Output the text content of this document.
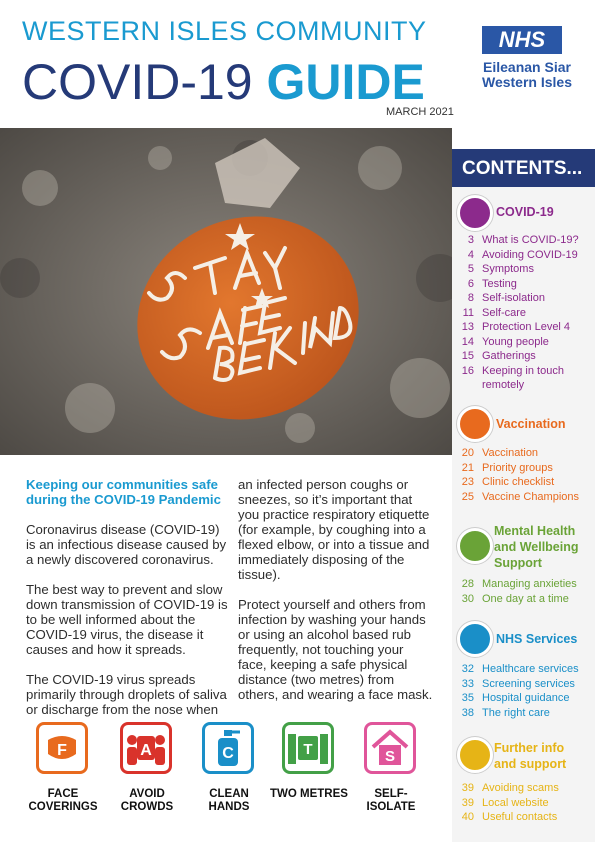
WESTERN ISLES COMMUNITY
COVID-19 GUIDE
MARCH 2021
NHS
Eileanan Siar
Western Isles
CONTENTS...
COVID-19
3 What is COVID-19?
4 Avoiding COVID-19
5 Symptoms
6 Testing
8 Self-isolation
11 Self-care
13 Protection Level 4
14 Young people
15 Gatherings
16 Keeping in touch remotely
Vaccination
20 Vaccination
21 Priority groups
23 Clinic checklist
25 Vaccine Champions
Mental Health and Wellbeing Support
28 Managing anxieties
30 One day at a time
NHS Services
32 Healthcare services
33 Screening services
35 Hospital guidance
38 The right care
Further info and support
39 Avoiding scams
39 Local website
40 Useful contacts

Keeping our communities safe during the COVID-19 Pandemic

Coronavirus disease (COVID-19) is an infectious disease caused by a newly discovered coronavirus.

The best way to prevent and slow down transmission of COVID-19 is to be well informed about the COVID-19 virus, the disease it causes and how it spreads.

The COVID-19 virus spreads primarily through droplets of saliva or discharge from the nose when

an infected person coughs or sneezes, so it’s important that you practice respiratory etiquette (for example, by coughing into a flexed elbow, or into a tissue and immediately disposing of the tissue).

Protect yourself and others from infection by washing your hands or using an alcohol based rub frequently, not touching your face, keeping a safe physical distance (two metres) from others, and wearing a face mask.

F
FACE COVERINGS
A
AVOID CROWDS
C
CLEAN HANDS
T
TWO METRES
S
SELF-ISOLATE
